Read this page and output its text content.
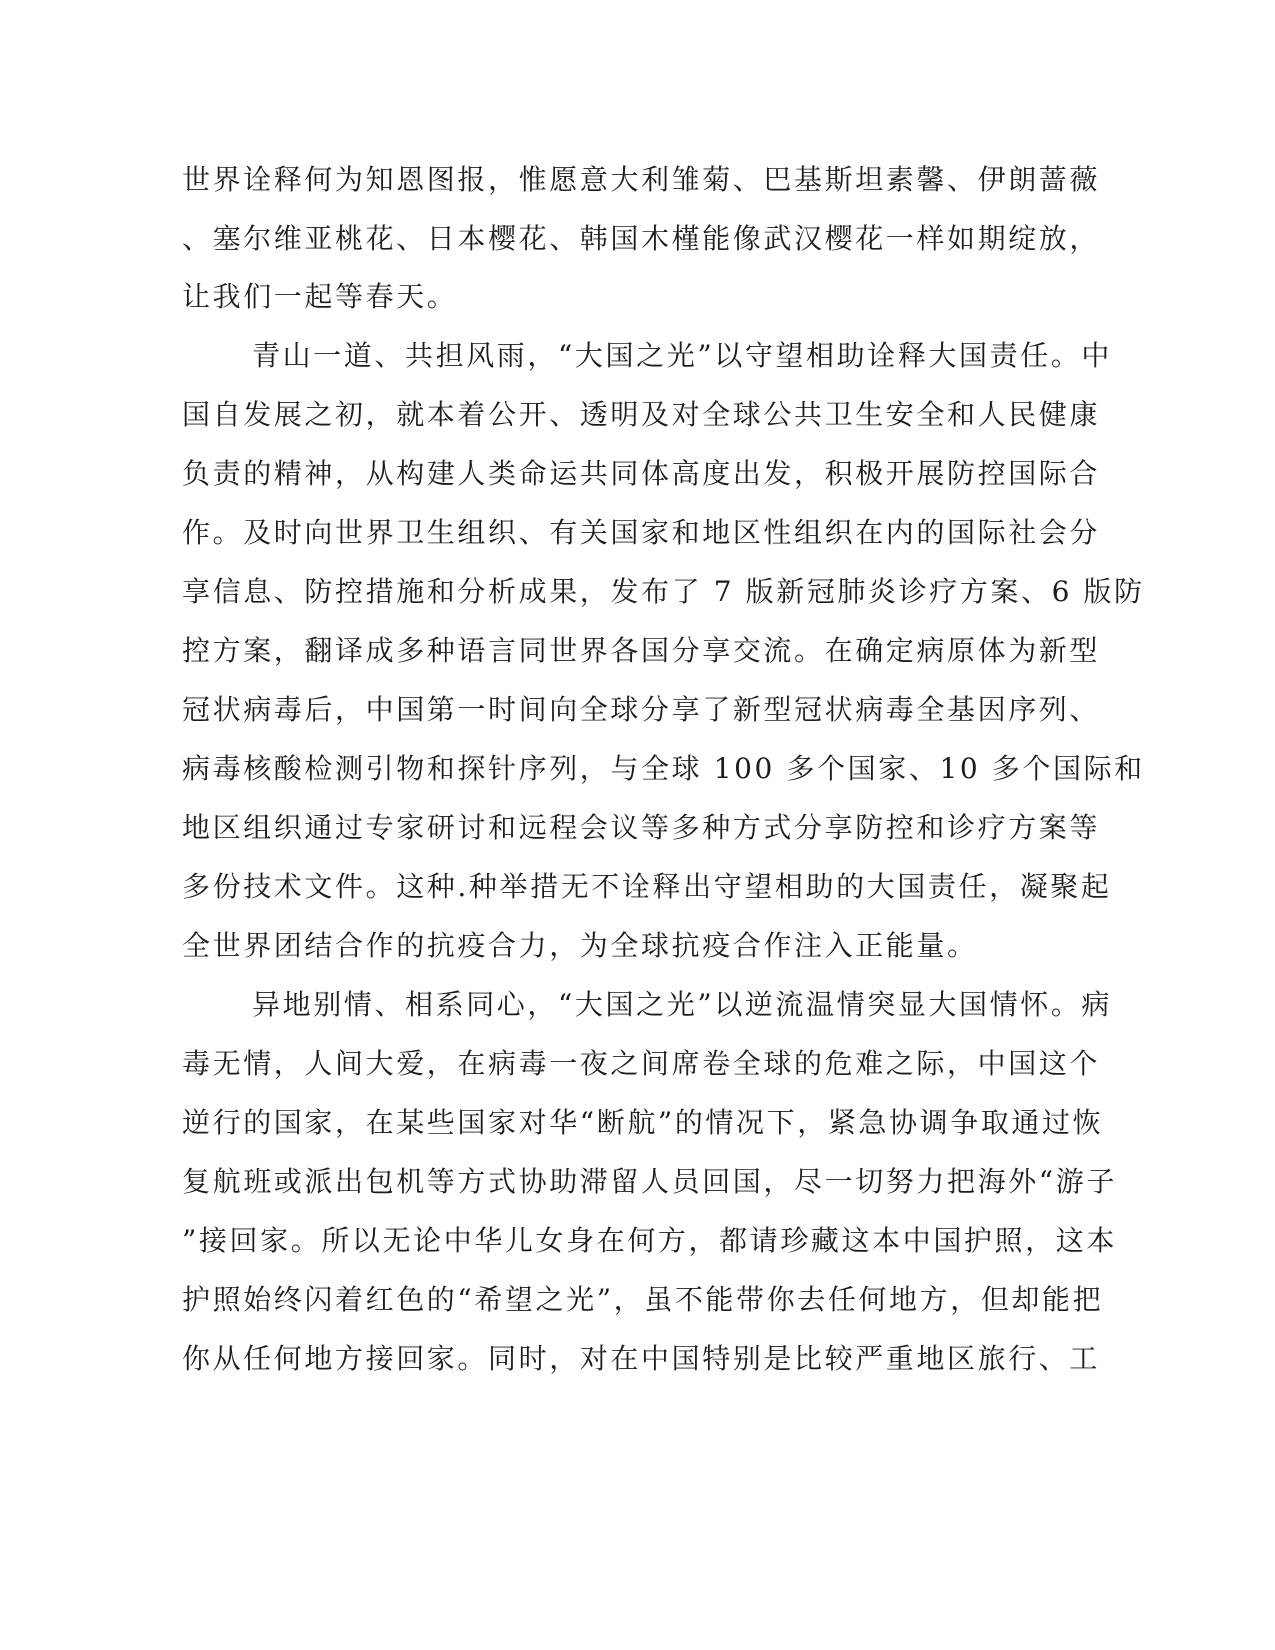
世界诠释何为知恩图报，惟愿意大利雏菊、巴基斯坦素馨、伊朗蔷薇
、塞尔维亚桃花、日本樱花、韩国木槿能像武汉樱花一样如期绽放，
让我们一起等春天。
青山一道、共担风雨，“大国之光”以守望相助诠释大国责任。中
国自发展之初，就本着公开、透明及对全球公共卫生安全和人民健康
负责的精神，从构建人类命运共同体高度出发，积极开展防控国际合
作。及时向世界卫生组织、有关国家和地区性组织在内的国际社会分
享信息、防控措施和分析成果，发布了 7 版新冠肺炎诊疗方案、6 版防
控方案，翻译成多种语言同世界各国分享交流。在确定病原体为新型
冠状病毒后，中国第一时间向全球分享了新型冠状病毒全基因序列、
病毒核酸检测引物和探针序列，与全球 100 多个国家、10 多个国际和
地区组织通过专家研讨和远程会议等多种方式分享防控和诊疗方案等
多份技术文件。这种.种举措无不诠释出守望相助的大国责任，凝聚起
全世界团结合作的抗疫合力，为全球抗疫合作注入正能量。
异地别情、相系同心，“大国之光”以逆流温情突显大国情怀。病
毒无情，人间大爱，在病毒一夜之间席卷全球的危难之际，中国这个
逆行的国家，在某些国家对华“断航”的情况下，紧急协调争取通过恢
复航班或派出包机等方式协助滞留人员回国，尽一切努力把海外“游子
”接回家。所以无论中华儿女身在何方，都请珍藏这本中国护照，这本
护照始终闪着红色的“希望之光”，虽不能带你去任何地方，但却能把
你从任何地方接回家。同时，对在中国特别是比较严重地区旅行、工
